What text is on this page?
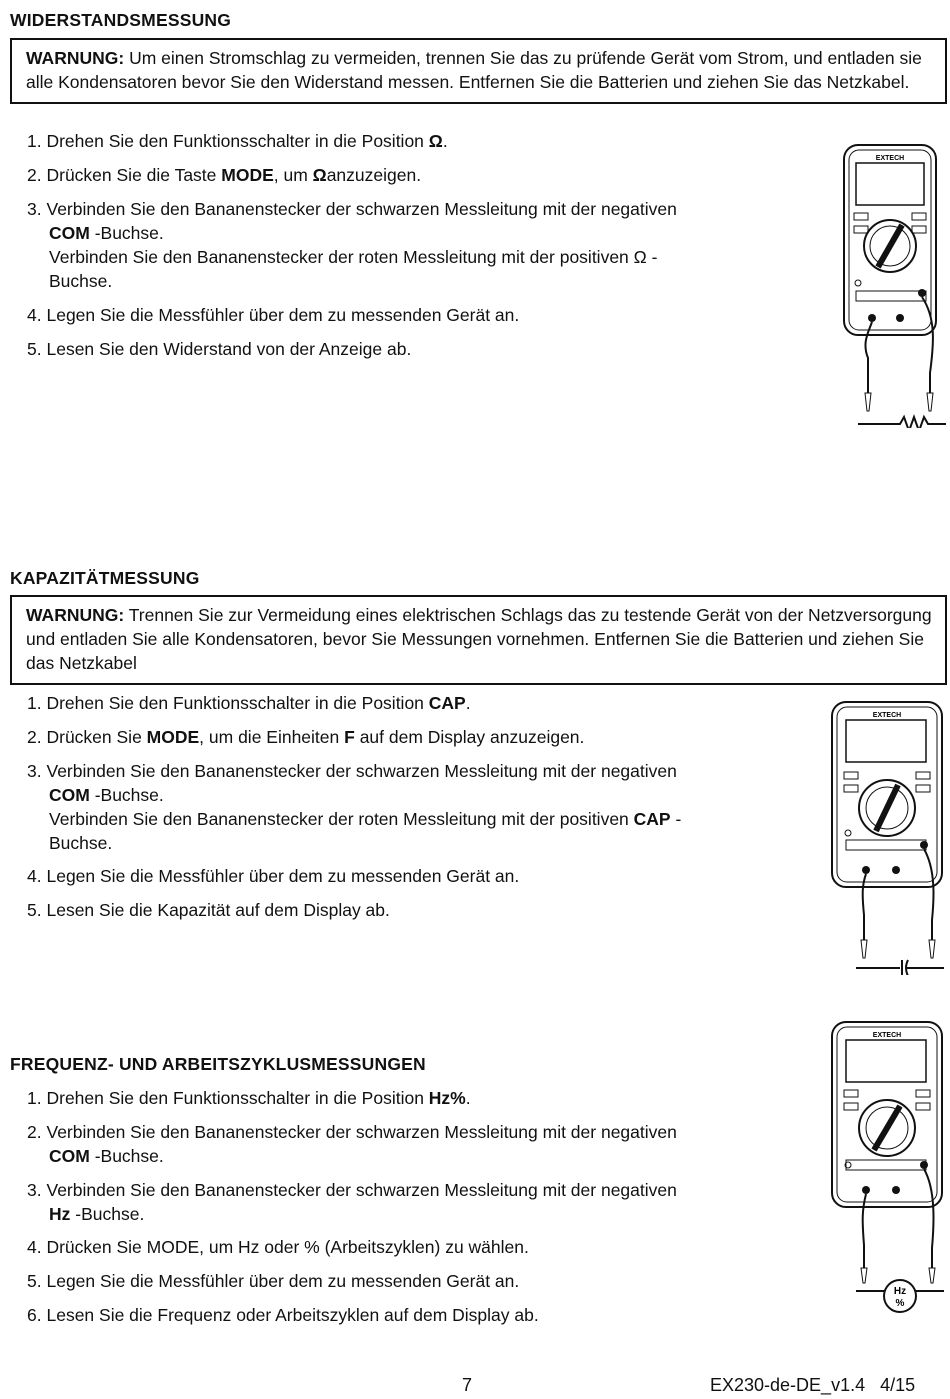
WIDERSTANDSMESSUNG
WARNUNG: Um einen Stromschlag zu vermeiden, trennen Sie das zu prüfende Gerät vom Strom, und entladen sie alle Kondensatoren bevor Sie den Widerstand messen. Entfernen Sie die Batterien und ziehen Sie das Netzkabel.
1. Drehen Sie den Funktionsschalter in die Position Ω.
2. Drücken Sie die Taste MODE, um Ωanzuzeigen.
3. Verbinden Sie den Bananenstecker der schwarzen Messleitung mit der negativen
COM -Buchse.
Verbinden Sie den Bananenstecker der roten Messleitung mit der positiven Ω -
Buchse.
4. Legen Sie die Messfühler über dem zu messenden Gerät an.
5. Lesen Sie den Widerstand von der Anzeige ab.
EXTECH
KAPAZITÄTMESSUNG
WARNUNG: Trennen Sie zur Vermeidung eines elektrischen Schlags das zu testende Gerät von der Netzversorgung und entladen Sie alle Kondensatoren, bevor Sie Messungen vornehmen. Entfernen Sie die Batterien und ziehen Sie das Netzkabel
1. Drehen Sie den Funktionsschalter in die Position CAP.
2. Drücken Sie MODE, um die Einheiten F auf dem Display anzuzeigen.
3. Verbinden Sie den Bananenstecker der schwarzen Messleitung mit der negativen
COM -Buchse.
Verbinden Sie den Bananenstecker der roten Messleitung mit der positiven CAP -
Buchse.
4. Legen Sie die Messfühler über dem zu messenden Gerät an.
5. Lesen Sie die Kapazität auf dem Display ab.
EXTECH
EXTECH
Hz
%
FREQUENZ- UND ARBEITSZYKLUSMESSUNGEN
1. Drehen Sie den Funktionsschalter in die Position Hz%.
2. Verbinden Sie den Bananenstecker der schwarzen Messleitung mit der negativen
COM -Buchse.
3. Verbinden Sie den Bananenstecker der schwarzen Messleitung mit der negativen
Hz -Buchse.
4. Drücken Sie MODE, um Hz oder % (Arbeitszyklen) zu wählen.
5. Legen Sie die Messfühler über dem zu messenden Gerät an.
6. Lesen Sie die Frequenz oder Arbeitszyklen auf dem Display ab.
7	EX230-de-DE_v1.4   4/15
